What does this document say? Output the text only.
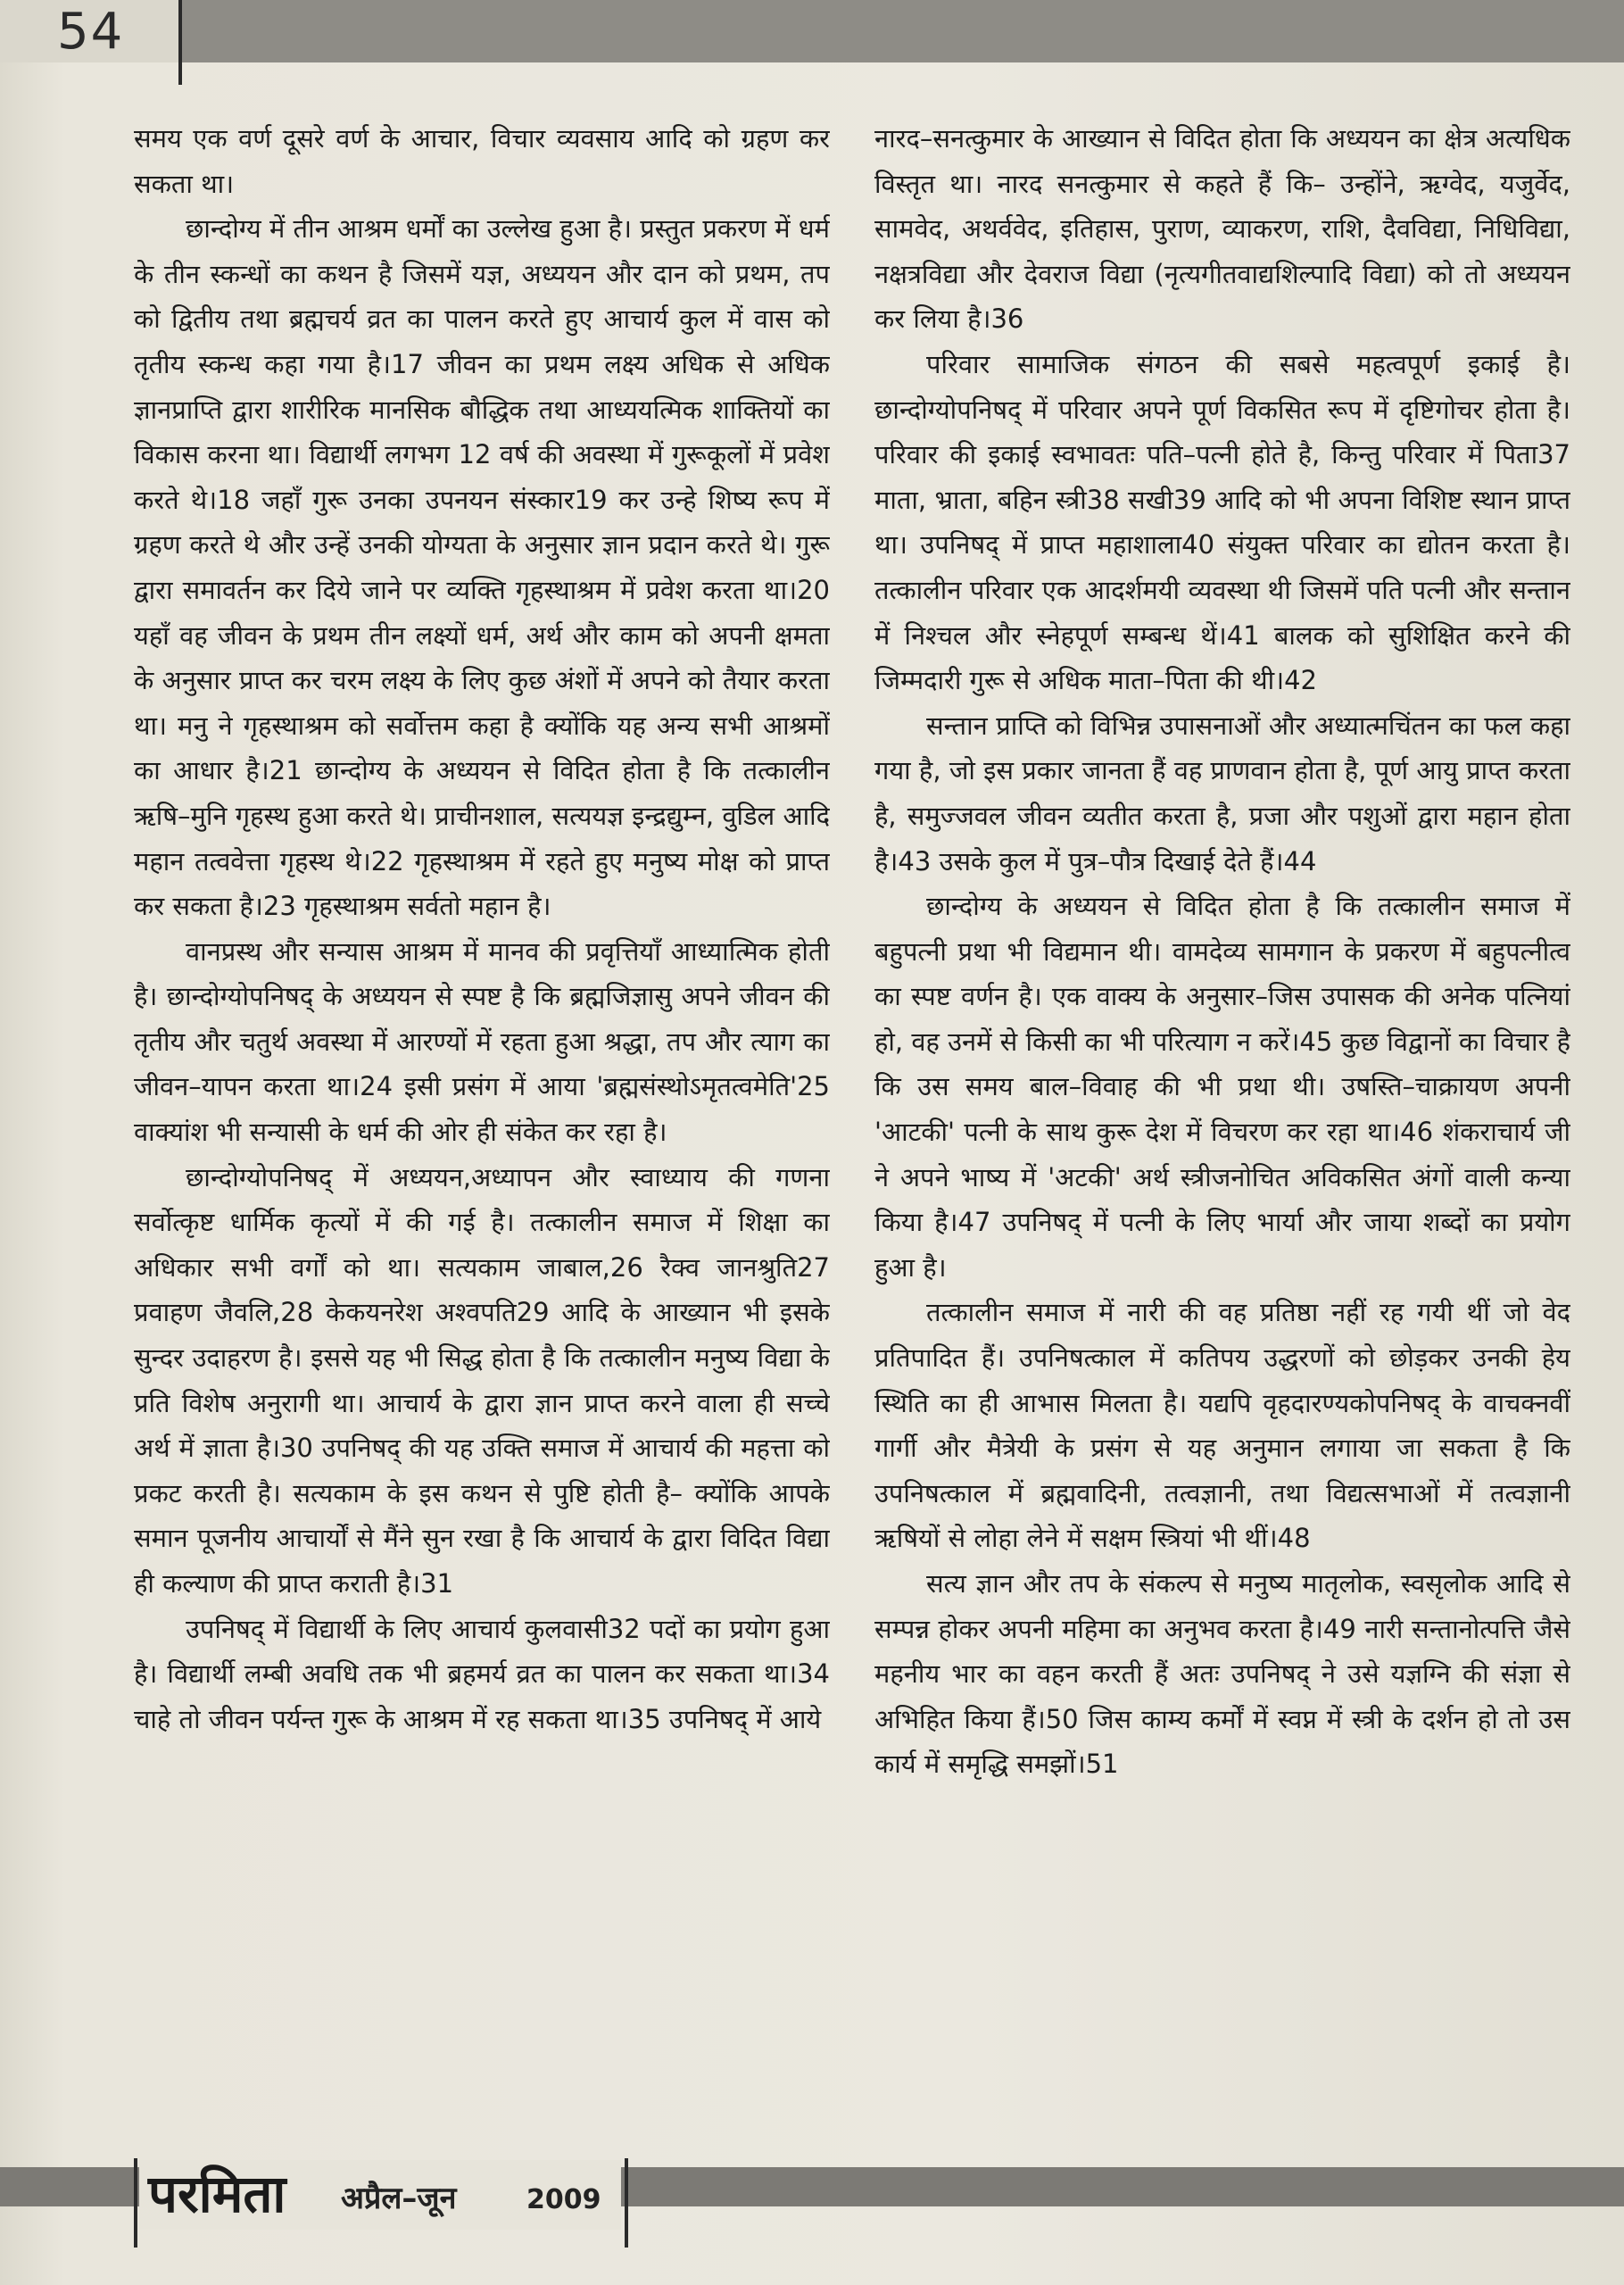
54

समय एक वर्ण दूसरे वर्ण के आचार, विचार व्यवसाय आदि को ग्रहण कर सकता था।

छान्दोग्य में तीन आश्रम धर्मों का उल्लेख हुआ है। प्रस्तुत प्रकरण में धर्म के तीन स्कन्धों का कथन है जिसमें यज्ञ, अध्ययन और दान को प्रथम, तप को द्वितीय तथा ब्रह्मचर्य व्रत का पालन करते हुए आचार्य कुल में वास को तृतीय स्कन्ध कहा गया है।17 जीवन का प्रथम लक्ष्य अधिक से अधिक ज्ञानप्राप्ति द्वारा शारीरिक मानसिक बौद्धिक तथा आध्ययत्मिक शाक्तियों का विकास करना था। विद्यार्थी लगभग 12 वर्ष की अवस्था में गुरूकूलों में प्रवेश करते थे।18 जहाँ गुरू उनका उपनयन संस्कार19 कर उन्हे शिष्य रूप में ग्रहण करते थे और उन्हें उनकी योग्यता के अनुसार ज्ञान प्रदान करते थे। गुरू द्वारा समावर्तन कर दिये जाने पर व्यक्ति गृहस्थाश्रम में प्रवेश करता था।20 यहाँ वह जीवन के प्रथम तीन लक्ष्यों धर्म, अर्थ और काम को अपनी क्षमता के अनुसार प्राप्त कर चरम लक्ष्य के लिए कुछ अंशों में अपने को तैयार करता था। मनु ने गृहस्थाश्रम को सर्वोत्तम कहा है क्योंकि यह अन्य सभी आश्रमों का आधार है।21 छान्दोग्य के अध्ययन से विदित होता है कि तत्कालीन ऋषि–मुनि गृहस्थ हुआ करते थे। प्राचीनशाल, सत्ययज्ञ इन्द्रद्युम्न, वुडिल आदि महान तत्ववेत्ता गृहस्थ थे।22 गृहस्थाश्रम में रहते हुए मनुष्य मोक्ष को प्राप्त कर सकता है।23 गृहस्थाश्रम सर्वतो महान है।

वानप्रस्थ और सन्यास आश्रम में मानव की प्रवृत्तियाँ आध्यात्मिक होती है। छान्दोग्योपनिषद् के अध्ययन से स्पष्ट है कि ब्रह्मजिज्ञासु अपने जीवन की तृतीय और चतुर्थ अवस्था में आरण्यों में रहता हुआ श्रद्धा, तप और त्याग का जीवन–यापन करता था।24 इसी प्रसंग में आया 'ब्रह्मसंस्थोऽमृतत्वमेति'25 वाक्यांश भी सन्यासी के धर्म की ओर ही संकेत कर रहा है।

छान्दोग्योपनिषद् में अध्ययन,अध्यापन और स्वाध्याय की गणना सर्वोत्कृष्ट धार्मिक कृत्यों में की गई है। तत्कालीन समाज में शिक्षा का अधिकार सभी वर्गों को था। सत्यकाम जाबाल,26 रैक्व जानश्रुति27 प्रवाहण जैवलि,28 केकयनरेश अश्वपति29 आदि के आख्यान भी इसके सुन्दर उदाहरण है। इससे यह भी सिद्ध होता है कि तत्कालीन मनुष्य विद्या के प्रति विशेष अनुरागी था। आचार्य के द्वारा ज्ञान प्राप्त करने वाला ही सच्चे अर्थ में ज्ञाता है।30 उपनिषद् की यह उक्ति समाज में आचार्य की महत्ता को प्रकट करती है। सत्यकाम के इस कथन से पुष्टि होती है– क्योंकि आपके समान पूजनीय आचार्यों से मैंने सुन रखा है कि आचार्य के द्वारा विदित विद्या ही कल्याण की प्राप्त कराती है।31

उपनिषद् में विद्यार्थी के लिए आचार्य कुलवासी32 पदों का प्रयोग हुआ है। विद्यार्थी लम्बी अवधि तक भी ब्रहमर्य व्रत का पालन कर सकता था।34 चाहे तो जीवन पर्यन्त गुरू के आश्रम में रह सकता था।35 उपनिषद् में आये

नारद–सनत्कुमार के आख्यान से विदित होता कि अध्ययन का क्षेत्र अत्यधिक विस्तृत था। नारद सनत्कुमार से कहते हैं कि– उन्होंने, ऋग्वेद, यजुर्वेद, सामवेद, अथर्ववेद, इतिहास, पुराण, व्याकरण, राशि, दैवविद्या, निधिविद्या, नक्षत्रविद्या और देवराज विद्या (नृत्यगीतवाद्यशिल्पादि विद्या) को तो अध्ययन कर लिया है।36

परिवार सामाजिक संगठन की सबसे महत्वपूर्ण इकाई है। छान्दोग्योपनिषद् में परिवार अपने पूर्ण विकसित रूप में दृष्टिगोचर होता है। परिवार की इकाई स्वभावतः पति–पत्नी होते है, किन्तु परिवार में पिता37 माता, भ्राता, बहिन स्त्री38 सखी39 आदि को भी अपना विशिष्ट स्थान प्राप्त था। उपनिषद् में प्राप्त महाशाला40 संयुक्त परिवार का द्योतन करता है। तत्कालीन परिवार एक आदर्शमयी व्यवस्था थी जिसमें पति पत्नी और सन्तान में निश्चल और स्नेहपूर्ण सम्बन्ध थें।41 बालक को सुशिक्षित करने की जिम्मदारी गुरू से अधिक माता–पिता की थी।42

सन्तान प्राप्ति को विभिन्न उपासनाओं और अध्यात्मचिंतन का फल कहा गया है, जो इस प्रकार जानता हैं वह प्राणवान होता है, पूर्ण आयु प्राप्त करता है, समुज्जवल जीवन व्यतीत करता है, प्रजा और पशुओं द्वारा महान होता है।43 उसके कुल में पुत्र–पौत्र दिखाई देते हैं।44

छान्दोग्य के अध्ययन से विदित होता है कि तत्कालीन समाज में बहुपत्नी प्रथा भी विद्यमान थी। वामदेव्य सामगान के प्रकरण में बहुपत्नीत्व का स्पष्ट वर्णन है। एक वाक्य के अनुसार–जिस उपासक की अनेक पत्नियां हो, वह उनमें से किसी का भी परित्याग न करें।45 कुछ विद्वानों का विचार है कि उस समय बाल–विवाह की भी प्रथा थी। उषस्ति–चाक्रायण अपनी 'आटकी' पत्नी के साथ कुरू देश में विचरण कर रहा था।46 शंकराचार्य जी ने अपने भाष्य में 'अटकी' अर्थ स्त्रीजनोचित अविकसित अंगों वाली कन्या किया है।47 उपनिषद् में पत्नी के लिए भार्या और जाया शब्दों का प्रयोग हुआ है।

तत्कालीन समाज में नारी की वह प्रतिष्ठा नहीं रह गयी थीं जो वेद प्रतिपादित हैं। उपनिषत्काल में कतिपय उद्धरणों को छोड़कर उनकी हेय स्थिति का ही आभास मिलता है। यद्यपि वृहदारण्यकोपनिषद् के वाचक्नवीं गार्गी और मैत्रेयी के प्रसंग से यह अनुमान लगाया जा सकता है कि उपनिषत्काल में ब्रह्मवादिनी, तत्वज्ञानी, तथा विद्यत्सभाओं में तत्वज्ञानी ऋषियों से लोहा लेने में सक्षम स्त्रियां भी थीं।48

सत्य ज्ञान और तप के संकल्प से मनुष्य मातृलोक, स्वसृलोक आदि से सम्पन्न होकर अपनी महिमा का अनुभव करता है।49 नारी सन्तानोत्पत्ति जैसे महनीय भार का वहन करती हैं अतः उपनिषद् ने उसे यज्ञग्नि की संज्ञा से अभिहित किया हैं।50 जिस काम्य कर्मों में स्वप्न में स्त्री के दर्शन हो तो उस कार्य में समृद्धि समझों।51

परमिता अप्रैल–जून	2009
